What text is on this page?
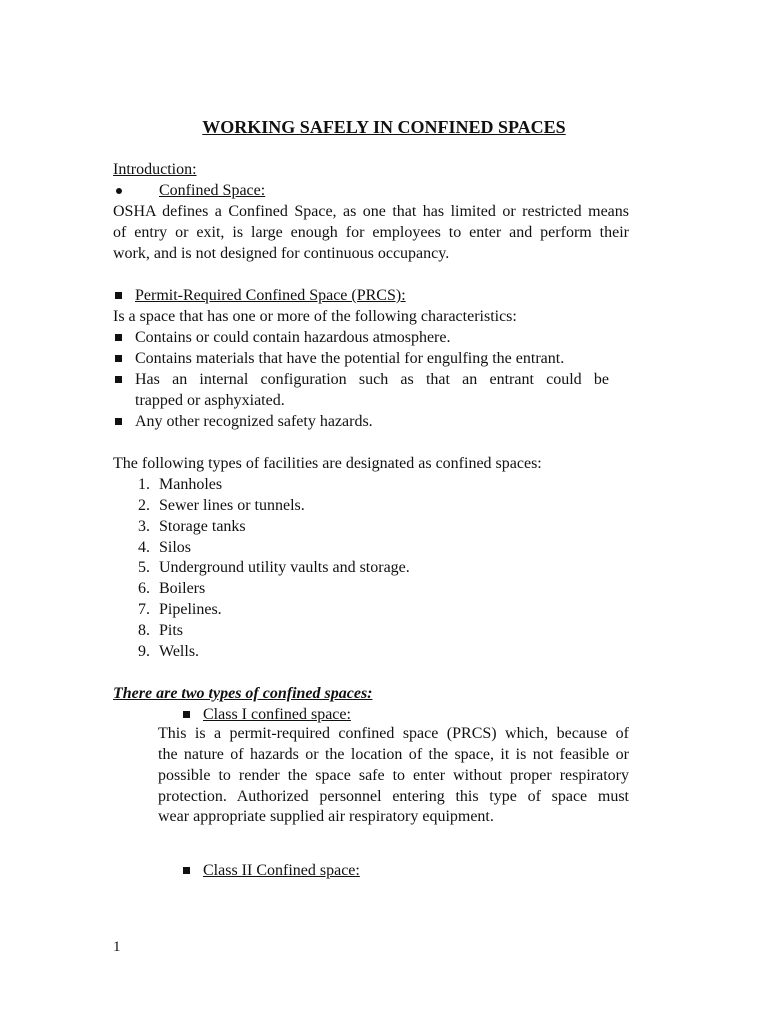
WORKING SAFELY IN CONFINED SPACES
Introduction:
Confined Space:
OSHA defines a Confined Space, as one that has limited or restricted means
of entry or exit, is large enough for employees to enter and perform their
work, and is not designed for continuous occupancy.
Permit-Required Confined Space (PRCS):
Is a space that has one or more of the following characteristics:
Contains or could contain hazardous atmosphere.
Contains materials that have the potential for engulfing the entrant.
Has an internal configuration such as that an entrant could be
trapped or asphyxiated.
Any other recognized safety hazards.
The following types of facilities are designated as confined spaces:
1. Manholes
2. Sewer lines or tunnels.
3. Storage tanks
4. Silos
5. Underground utility vaults and storage.
6. Boilers
7. Pipelines.
8. Pits
9. Wells.
There are two types of confined spaces:
Class I confined space:
This is a permit-required confined space (PRCS) which, because of
the nature of hazards or the location of the space, it is not feasible or
possible to render the space safe to enter without proper respiratory
protection. Authorized personnel entering this type of space must
wear appropriate supplied air respiratory equipment.
Class II Confined space:
1
